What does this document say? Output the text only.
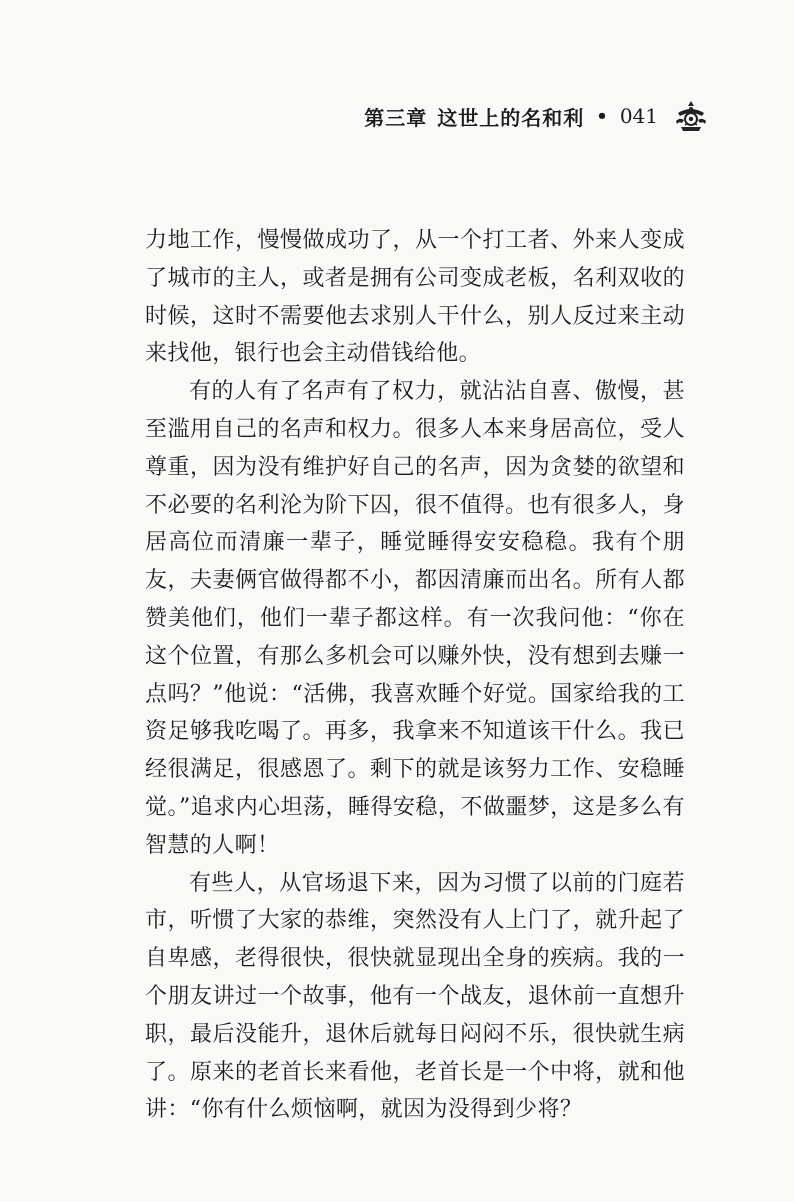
第三章 这世上的名和利 • 041

力地工作，慢慢做成功了，从一个打工者、外来人变成了城市的主人，或者是拥有公司变成老板，名利双收的时候，这时不需要他去求别人干什么，别人反过来主动来找他，银行也会主动借钱给他。

有的人有了名声有了权力，就沾沾自喜、傲慢，甚至滥用自己的名声和权力。很多人本来身居高位，受人尊重，因为没有维护好自己的名声，因为贪婪的欲望和不必要的名利沦为阶下囚，很不值得。也有很多人，身居高位而清廉一辈子，睡觉睡得安安稳稳。我有个朋友，夫妻俩官做得都不小，都因清廉而出名。所有人都赞美他们，他们一辈子都这样。有一次我问他：“你在这个位置，有那么多机会可以赚外快，没有想到去赚一点吗？”他说：“活佛，我喜欢睡个好觉。国家给我的工资足够我吃喝了。再多，我拿来不知道该干什么。我已经很满足，很感恩了。剩下的就是该努力工作、安稳睡觉。”追求内心坦荡，睡得安稳，不做噩梦，这是多么有智慧的人啊！

有些人，从官场退下来，因为习惯了以前的门庭若市，听惯了大家的恭维，突然没有人上门了，就升起了自卑感，老得很快，很快就显现出全身的疾病。我的一个朋友讲过一个故事，他有一个战友，退休前一直想升职，最后没能升，退休后就每日闷闷不乐，很快就生病了。原来的老首长来看他，老首长是一个中将，就和他讲：“你有什么烦恼啊，就因为没得到少将？
